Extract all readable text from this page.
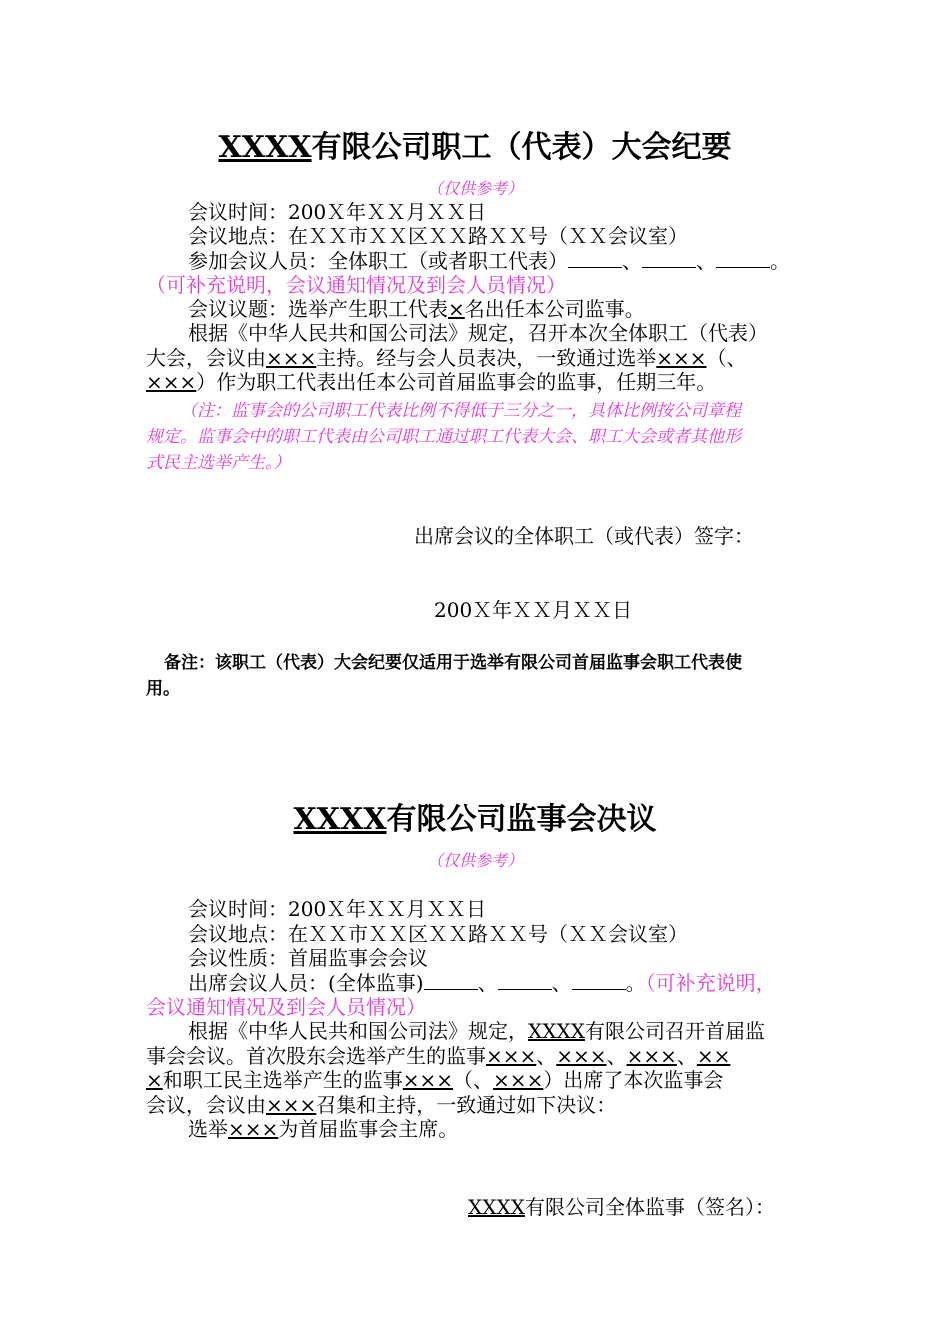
XXXX有限公司职工（代表）大会纪要
（仅供参考）
会议时间：200Ｘ年ＸＸ月ＸＸ日
会议地点：在ＸＸ市ＸＸ区ＸＸ路ＸＸ号（ＸＸ会议室）
参加会议人员：全体职工（或者职工代表）	、	、	。
（可补充说明，会议通知情况及到会人员情况）
会议议题：选举产生职工代表×名出任本公司监事。
根据《中华人民共和国公司法》规定，召开本次全体职工（代表）
大会，会议由×××主持。经与会人员表决，一致通过选举×××（、
×××）作为职工代表出任本公司首届监事会的监事，任期三年。
（注：监事会的公司职工代表比例不得低于三分之一，具体比例按公司章程
规定。监事会中的职工代表由公司职工通过职工代表大会、职工大会或者其他形
式民主选举产生。）
出席会议的全体职工（或代表）签字：
200Ｘ年ＸＸ月ＸＸ日
备注：该职工（代表）大会纪要仅适用于选举有限公司首届监事会职工代表使
用。
XXXX有限公司监事会决议
（仅供参考）
会议时间：200Ｘ年ＸＸ月ＸＸ日
会议地点：在ＸＸ市ＸＸ区ＸＸ路ＸＸ号（ＸＸ会议室）
会议性质：首届监事会会议
出席会议人员：(全体监事)	、	、	。（可补充说明，
会议通知情况及到会人员情况）
根据《中华人民共和国公司法》规定，XXXX有限公司召开首届监
事会会议。首次股东会选举产生的监事×××、×××、×××、××
×和职工民主选举产生的监事×××（、×××）出席了本次监事会
会议，会议由×××召集和主持，一致通过如下决议：
选举×××为首届监事会主席。
XXXX有限公司全体监事（签名）：
